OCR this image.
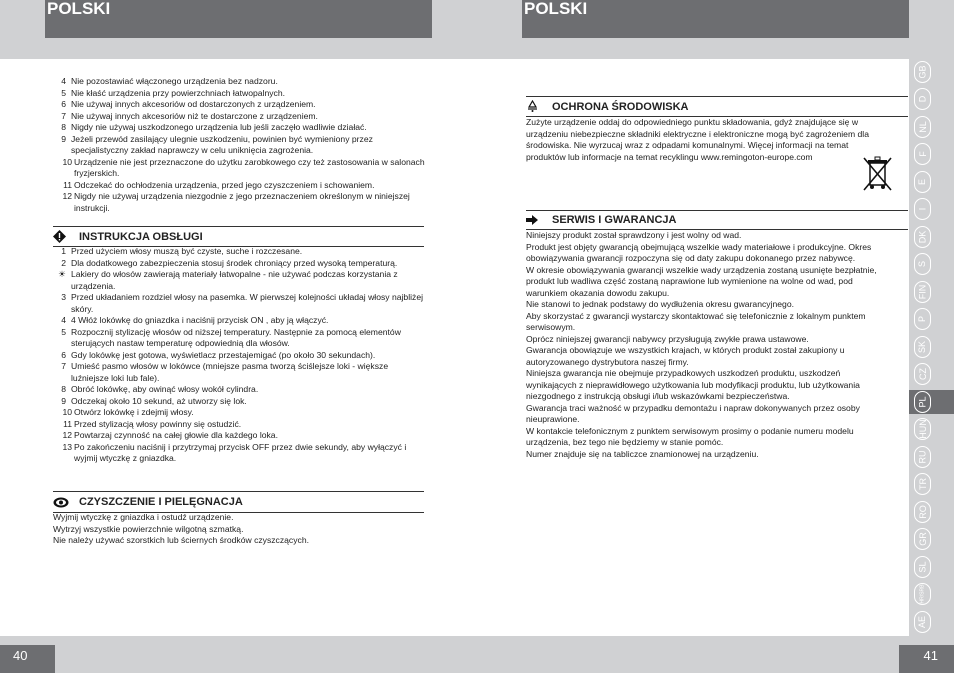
POLSKI
4 Nie pozostawiać włączonego urządzenia bez nadzoru.
5 Nie kłaść urządzenia przy powierzchniach łatwopalnych.
6 Nie używaj innych akcesoriów od dostarczonych z urządzeniem.
7 Nie używaj innych akcesoriów niż te dostarczone z urządzeniem.
8 Nigdy nie używaj uszkodzonego urządzenia lub jeśli zaczęło wadliwie działać.
9 Jeżeli przewód zasilający ulegnie uszkodzeniu, powinien być wymieniony przez specjalistyczny zakład naprawczy w celu uniknięcia zagrożenia.
10 Urządzenie nie jest przeznaczone do użytku zarobkowego czy też zastosowania w salonach fryzjerskich.
11 Odczekać do ochłodzenia urządzenia, przed jego czyszczeniem i schowaniem.
12 Nigdy nie używaj urządzenia niezgodnie z jego przeznaczeniem określonym w niniejszej instrukcji.
INSTRUKCJA OBSŁUGI
1 Przed użyciem włosy muszą być czyste, suche i rozczesane.
2 Dla dodatkowego zabezpieczenia stosuj środek chroniący przed wysoką temperaturą.
☀ Lakiery do włosów zawierają materiały łatwopalne - nie używać podczas korzystania z urządzenia.
3 Przed układaniem rozdziel włosy na pasemka. W pierwszej kolejności układaj włosy najbliżej skóry.
4 4 Włóż lokówkę do gniazdka i naciśnij przycisk ON , aby ją włączyć.
5 Rozpocznij stylizację włosów od niższej temperatury. Następnie za pomocą elementów sterujących nastaw temperaturę odpowiednią dla włosów.
6 Gdy lokówkę jest gotowa, wyświetlacz przestajemigać (po około 30 sekundach).
7 Umieść pasmo włosów w lokówce (mniejsze pasma tworzą ściślejsze loki - większe luźniejsze loki lub fale).
8 Obróć lokówkę, aby owinąć włosy wokół cylindra.
9 Odczekaj około 10 sekund, aż utworzy się lok.
10 Otwórz lokówkę i zdejmij włosy.
11 Przed stylizacją włosy powinny się ostudzić.
12 Powtarzaj czynność na całej głowie dla każdego loka.
13 Po zakończeniu naciśnij i przytrzymaj przycisk OFF przez dwie sekundy, aby wyłączyć i wyjmij wtyczkę z gniazdka.
CZYSZCZENIE I PIELĘGNACJA
Wyjmij wtyczkę z gniazdka i ostudź urządzenie.
Wytrzyj wszystkie powierzchnie wilgotną szmatką.
Nie należy używać szorstkich lub ściernych środków czyszczących.
40
POLSKI
OCHRONA ŚRODOWISKA
Zużyte urządzenie oddaj do odpowiedniego punktu składowania, gdyż znajdujące się w
urządzeniu niebezpieczne składniki elektryczne i elektroniczne mogą być zagrożeniem dla
środowiska. Nie wyrzucaj wraz z odpadami komunalnymi. Więcej informacji na temat
produktów lub informacje na temat recyklingu www.remingoton-europe.com
SERWIS I GWARANCJA
Niniejszy produkt został sprawdzony i jest wolny od wad.
Produkt jest objęty gwarancją obejmującą wszelkie wady materiałowe i produkcyjne. Okres
obowiązywania gwarancji rozpoczyna się od daty zakupu dokonanego przez nabywcę.
W okresie obowiązywania gwarancji wszelkie wady urządzenia zostaną usunięte bezpłatnie,
produkt lub wadliwa część zostaną naprawione lub wymienione na wolne od wad, pod
warunkiem okazania dowodu zakupu.
Nie stanowi to jednak podstawy do wydłużenia okresu gwarancyjnego.
Aby skorzystać z gwarancji wystarczy skontaktować się telefonicznie z lokalnym punktem
serwisowym.
Oprócz niniejszej gwarancji nabywcy przysługują zwykłe prawa ustawowe.
Gwarancja obowiązuje we wszystkich krajach, w których produkt został zakupiony u
autoryzowanego dystrybutora naszej firmy.
Niniejsza gwarancja nie obejmuje przypadkowych uszkodzeń produktu, uszkodzeń
wynikających z nieprawidłowego użytkowania lub modyfikacji produktu, lub użytkowania
niezgodnego z instrukcją obsługi i/lub wskazówkami bezpieczeństwa.
Gwarancja traci ważność w przypadku demontażu i napraw dokonywanych przez osoby
nieuprawione.
W kontakcie telefonicznym z punktem serwisowym prosimy o podanie numeru modelu
urządzenia, bez tego nie będziemy w stanie pomóc.
Numer znajduje się na tabliczce znamionowej na urządzeniu.
41
GB
D
NL
F
E
I
DK
S
FIN
P
SK
CZ
PL
HUN
RU
TR
RO
GR
SL
HR/SRB
AE
